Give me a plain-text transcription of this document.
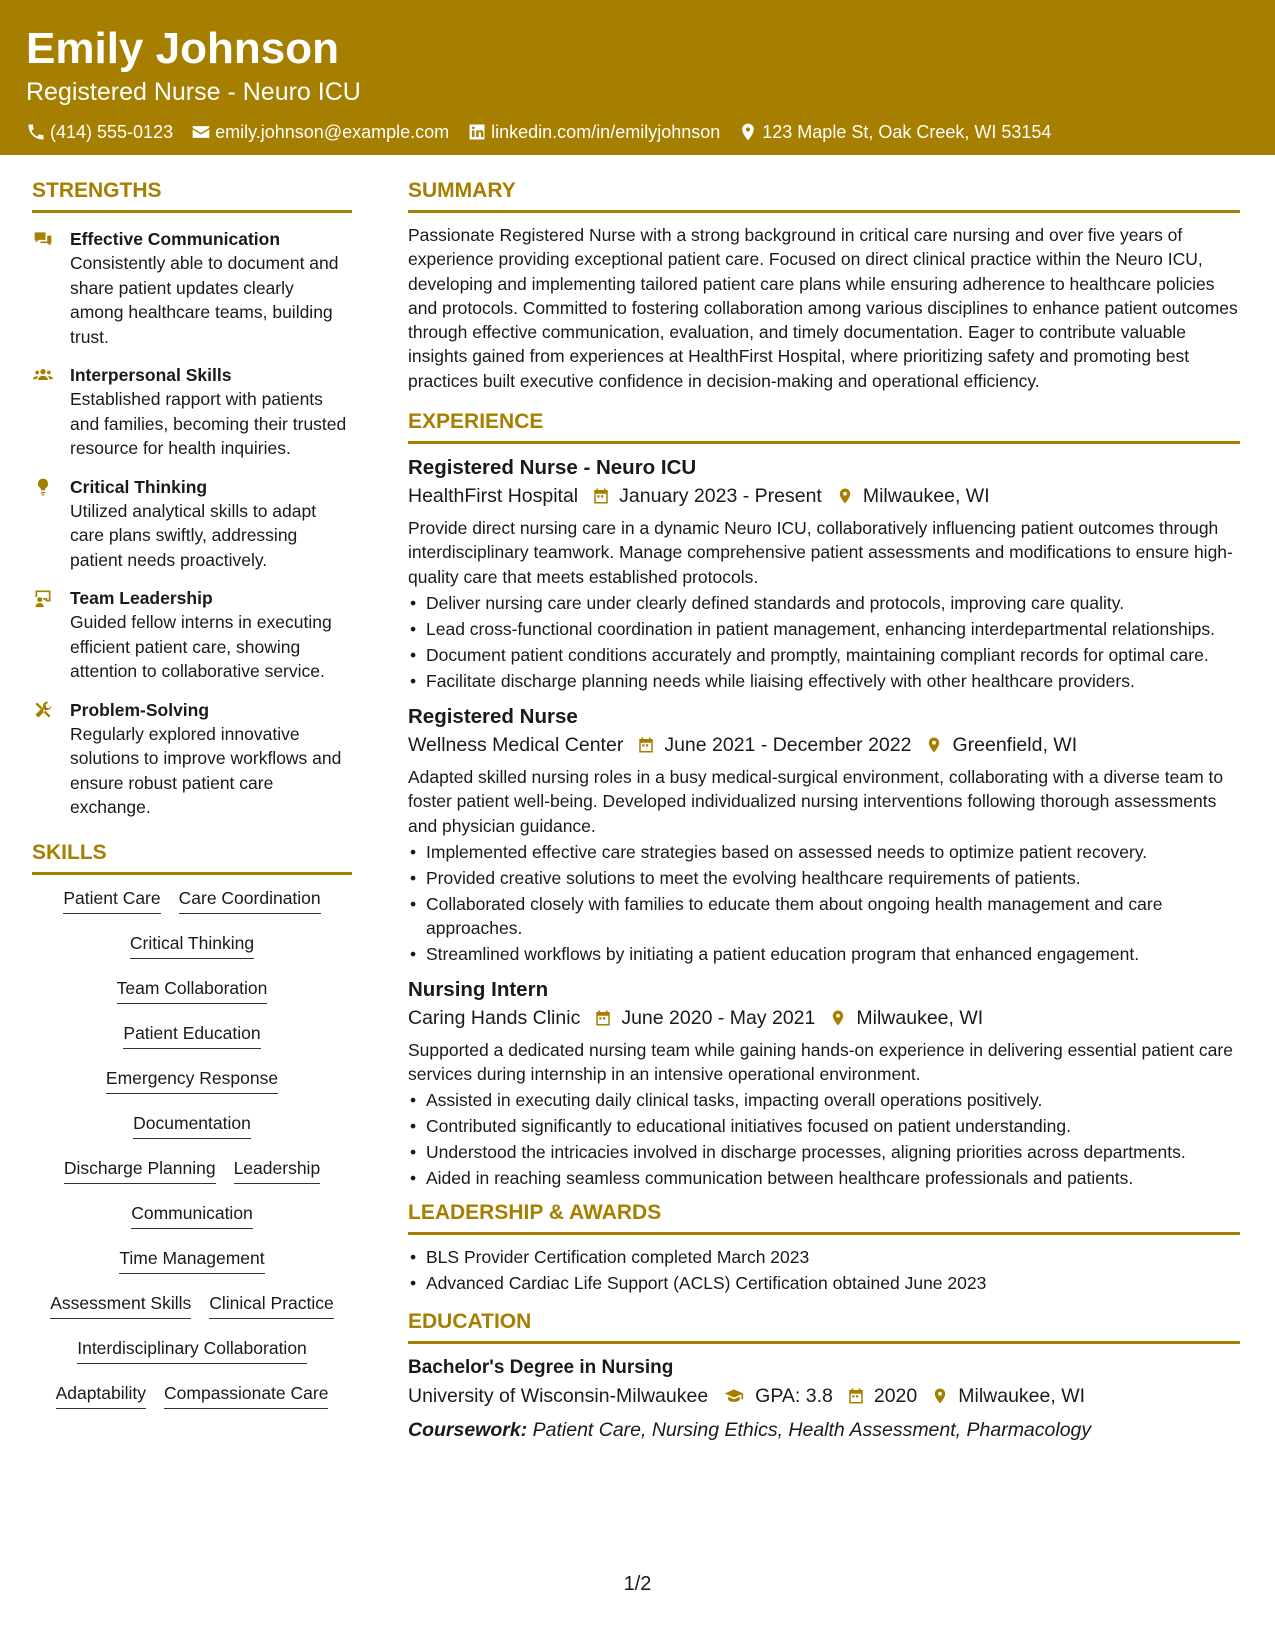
Emily Johnson
Registered Nurse - Neuro ICU
(414) 555-0123 emily.johnson@example.com linkedin.com/in/emilyjohnson 123 Maple St, Oak Creek, WI 53154
STRENGTHS
Effective Communication
Consistently able to document and share patient updates clearly among healthcare teams, building trust.
Interpersonal Skills
Established rapport with patients and families, becoming their trusted resource for health inquiries.
Critical Thinking
Utilized analytical skills to adapt care plans swiftly, addressing patient needs proactively.
Team Leadership
Guided fellow interns in executing efficient patient care, showing attention to collaborative service.
Problem-Solving
Regularly explored innovative solutions to improve workflows and ensure robust patient care exchange.
SKILLS
Patient Care Care Coordination
Critical Thinking
Team Collaboration
Patient Education
Emergency Response
Documentation
Discharge Planning Leadership
Communication
Time Management
Assessment Skills Clinical Practice
Interdisciplinary Collaboration
Adaptability Compassionate Care
SUMMARY
Passionate Registered Nurse with a strong background in critical care nursing and over five years of experience providing exceptional patient care. Focused on direct clinical practice within the Neuro ICU, developing and implementing tailored patient care plans while ensuring adherence to healthcare policies and protocols. Committed to fostering collaboration among various disciplines to enhance patient outcomes through effective communication, evaluation, and timely documentation. Eager to contribute valuable insights gained from experiences at HealthFirst Hospital, where prioritizing safety and promoting best practices built executive confidence in decision-making and operational efficiency.
EXPERIENCE
Registered Nurse - Neuro ICU
HealthFirst Hospital January 2023 - Present Milwaukee, WI
Provide direct nursing care in a dynamic Neuro ICU, collaboratively influencing patient outcomes through interdisciplinary teamwork. Manage comprehensive patient assessments and modifications to ensure high-quality care that meets established protocols.
• Deliver nursing care under clearly defined standards and protocols, improving care quality.
• Lead cross-functional coordination in patient management, enhancing interdepartmental relationships.
• Document patient conditions accurately and promptly, maintaining compliant records for optimal care.
• Facilitate discharge planning needs while liaising effectively with other healthcare providers.
Registered Nurse
Wellness Medical Center June 2021 - December 2022 Greenfield, WI
Adapted skilled nursing roles in a busy medical-surgical environment, collaborating with a diverse team to foster patient well-being. Developed individualized nursing interventions following thorough assessments and physician guidance.
• Implemented effective care strategies based on assessed needs to optimize patient recovery.
• Provided creative solutions to meet the evolving healthcare requirements of patients.
• Collaborated closely with families to educate them about ongoing health management and care approaches.
• Streamlined workflows by initiating a patient education program that enhanced engagement.
Nursing Intern
Caring Hands Clinic June 2020 - May 2021 Milwaukee, WI
Supported a dedicated nursing team while gaining hands-on experience in delivering essential patient care services during internship in an intensive operational environment.
• Assisted in executing daily clinical tasks, impacting overall operations positively.
• Contributed significantly to educational initiatives focused on patient understanding.
• Understood the intricacies involved in discharge processes, aligning priorities across departments.
• Aided in reaching seamless communication between healthcare professionals and patients.
LEADERSHIP & AWARDS
• BLS Provider Certification completed March 2023
• Advanced Cardiac Life Support (ACLS) Certification obtained June 2023
EDUCATION
Bachelor's Degree in Nursing
University of Wisconsin-Milwaukee GPA: 3.8 2020 Milwaukee, WI
Coursework: Patient Care, Nursing Ethics, Health Assessment, Pharmacology
1/2
